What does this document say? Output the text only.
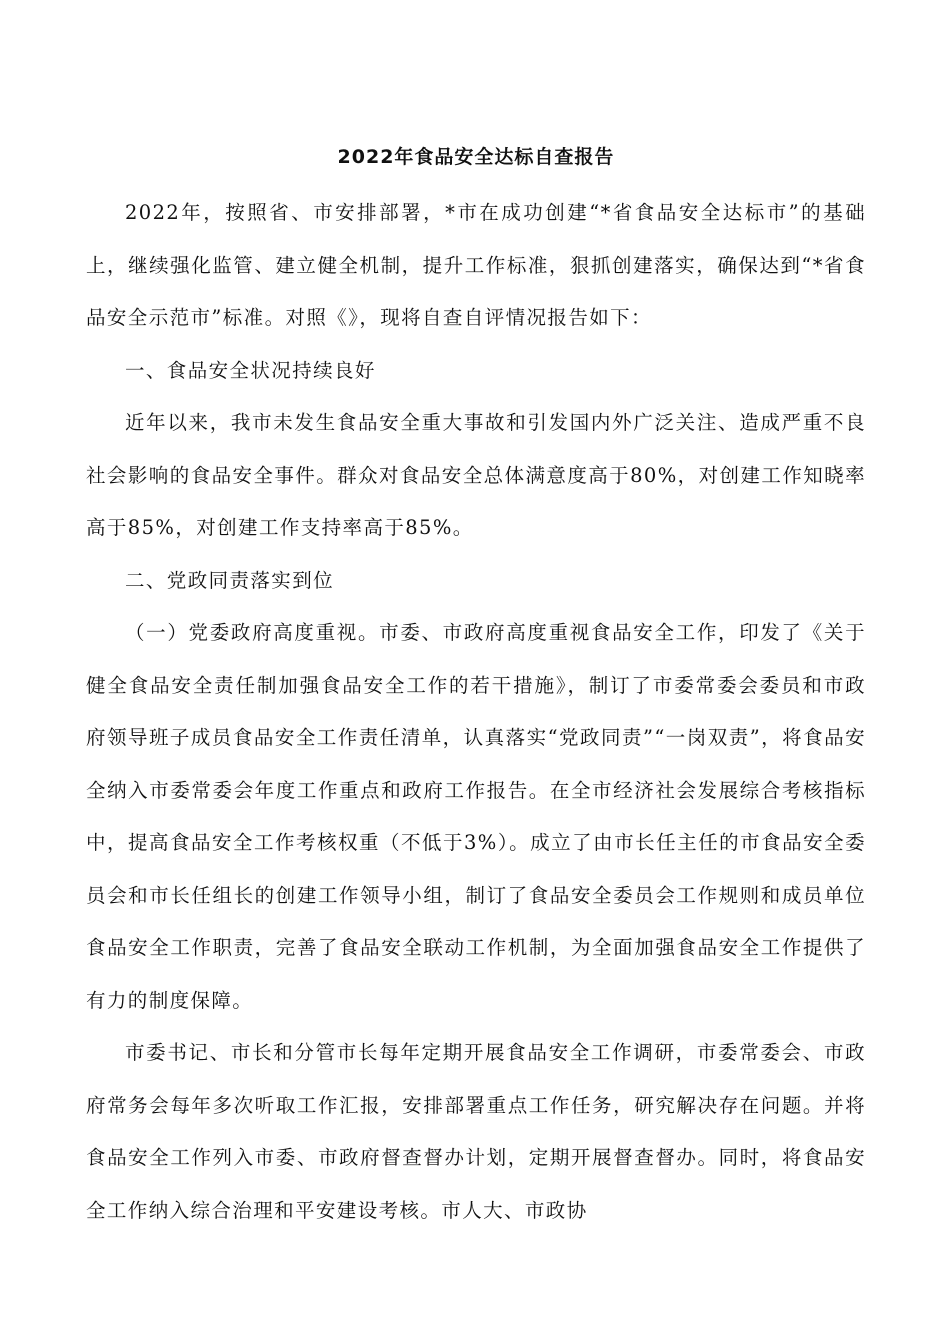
2022年食品安全达标自查报告

2022年，按照省、市安排部署，*市在成功创建“*省食品安全达标市”的基础上，继续强化监管、建立健全机制，提升工作标准，狠抓创建落实，确保达到“*省食品安全示范市”标准。对照《》，现将自查自评情况报告如下：

一、食品安全状况持续良好

近年以来，我市未发生食品安全重大事故和引发国内外广泛关注、造成严重不良社会影响的食品安全事件。群众对食品安全总体满意度高于80%，对创建工作知晓率高于85%，对创建工作支持率高于85%。

二、党政同责落实到位

（一）党委政府高度重视。市委、市政府高度重视食品安全工作，印发了《关于健全食品安全责任制加强食品安全工作的若干措施》，制订了市委常委会委员和市政府领导班子成员食品安全工作责任清单，认真落实“党政同责”“一岗双责”，将食品安全纳入市委常委会年度工作重点和政府工作报告。在全市经济社会发展综合考核指标中，提高食品安全工作考核权重（不低于3%）。成立了由市长任主任的市食品安全委员会和市长任组长的创建工作领导小组，制订了食品安全委员会工作规则和成员单位食品安全工作职责，完善了食品安全联动工作机制，为全面加强食品安全工作提供了有力的制度保障。

市委书记、市长和分管市长每年定期开展食品安全工作调研，市委常委会、市政府常务会每年多次听取工作汇报，安排部署重点工作任务，研究解决存在问题。并将食品安全工作列入市委、市政府督查督办计划，定期开展督查督办。同时，将食品安全工作纳入综合治理和平安建设考核。市人大、市政协
